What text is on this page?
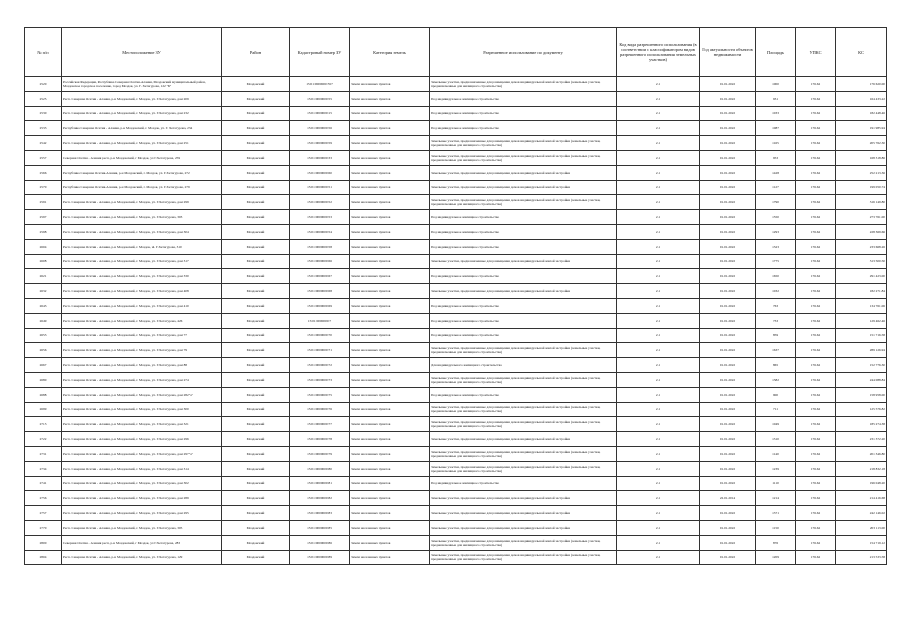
№ п/п	Местоположение ЗУ	Район	Кадастровый номер ЗУ	Категория земель	Разрешенное использование по документу	Код вида разрешенного использования (в соответствии с классификатором видов разрешенного использования земельных участков)	Год актуальности объектов недвижимости	Площадь	УПКС	КС
2520	Российская Федерация, Республика Северная Осетия-Алания, Моздокский муниципальный район, Моздокское городское поселение, город Моздок, ул. Г. Хетагурова, 122 "Б"	Моздокский	15:01:0000000:557	Земли населенных пунктов	Земельные участки, предназначенные для размещения домов индивидуальной жилой застройки (земельные участки, предназначенные для жилищного строительства)	2.1	01.01.2022	1000	176.62	176 620.00
2525	Респ. Северная Осетия - Алания, р-н Моздокский, г. Моздок, ул. Г.Хетагурова, дом 209	Моздокский	15:01:0000000:55	Земли населенных пунктов	Под индивидуальное жилищное строительство	2.1	01.01.2022	931	176.62	164 433.22
2530	Респ. Северная Осетия - Алания, р-н Моздокский, г. Моздок, ул. Г.Хетагурова, дом 232	Моздокский	15:01:0000000:15	Земли населенных пунктов	Под индивидуальное жилищное строительство	2.1	01.01.2022	1033	176.62	182 448.46
2533	Республика Северная Осетия - Алания, р-н Моздокский, г. Моздок, ул. Г. Хетагурова, 234	Моздокский	15:01:0000000:56	Земли населенных пунктов	Под индивидуальное жилищное строительство	2.1	01.01.2022	1087	176.62	191 985.94
2542	Респ. Северная Осетия - Алания, р-н Моздокский, г. Моздок, ул. Г.Хетагурова, дом 251	Моздокский	15:01:0000000:59	Земли населенных пунктов	Земельные участки, предназначенные для размещения домов индивидуальной жилой застройки (земельные участки, предназначенные для жилищного строительства)	2.1	01.01.2022	1165	176.62	205 762.30
2557	Северная Осетия - Алания респ, р-н Моздокский, г Моздок, ул Г.Хетагурова, 259	Моздокский	15:01:0000000:33	Земли населенных пунктов	Земельные участки, предназначенные для размещения домов индивидуальной жилой застройки (земельные участки, предназначенные для жилищного строительства)	2.1	01.01.2022	953	176.62	168 318.86
2566	Республика Северная Осетия-Алания, р-н Моздокский, г. Моздок, ул. Г.Хетагурова, 272	Моздокский	15:01:0000000:60	Земли населенных пунктов	Земельные участки, предназначенные для размещения домов индивидуальной жилой застройки	2.1	01.01.2022	1428	176.62	252 213.36
2570	Республика Северная Осетия-Алания, р-н Моздокский, г. Моздок, ул. Г.Хетагурова, 279	Моздокский	15:01:0000000:51	Земли населенных пунктов	Земельные участки, предназначенные для размещения домов индивидуальной жилой застройки	2.1	01.01.2022	1127	176.62	199 050.74
2591	Респ. Северная Осетия - Алания, р-н Моздокский, г. Моздок, ул. Г.Хетагурова, дом 299	Моздокский	15:01:0000000:52	Земли населенных пунктов	Земельные участки, предназначенные для размещения домов индивидуальной жилой застройки (земельные участки, предназначенные для жилищного строительства)	2.1	01.01.2022	1790	176.62	316 149.80
2597	Респ. Северная Осетия - Алания, р-н Моздокский, г. Моздок, ул. Г.Хетагурова, 303	Моздокский	15:01:0000000:53	Земли населенных пунктов	Под индивидуальное жилищное строительство	2.1	01.01.2022	1550	176.62	273 761.00
2598	Респ. Северная Осетия - Алания, р-н Моздокский, г. Моздок, ул. Г.Хетагурова, дом 304	Моздокский	15:01:0000000:54	Земли населенных пунктов	Под индивидуальное жилищное строительство	2.1	01.01.2022	1293	176.62	228 369.66
2604	Респ. Северная Осетия - Алания, р-н Моздокский, г. Моздок, ul. Г.Хетагурова, 310	Моздокский	15:01:0000000:58	Земли населенных пунктов	Под индивидуальное жилищное строительство	2.1	01.01.2022	1323	176.62	233 668.26
2608	Респ. Северная Осетия - Алания, р-н Моздокский, г. Моздок, ул. Г.Хетагурова, дом 317	Моздокский	15:01:0000000:66	Земли населенных пунктов	Земельные участки, предназначенные для размещения домов индивидуальной жилой застройки	2.1	01.01.2022	1775	176.62	313 500.50
2621	Респ. Северная Осетия - Алания, р-н Моздокский, г. Моздок, ул. Г.Хетагурова, дом 330	Моздокский	15:01:0000000:67	Земли населенных пунктов	Под индивидуальное жилищное строительство	2.1	01.01.2022	1650	176.62	291 423.00
2632	Респ. Северная Осетия - Алания, р-н Моздокский, г. Моздок, ул. Г.Хетагурова, дом 408	Моздокский	15:01:0000000:68	Земли населенных пунктов	Земельные участки, предназначенные для размещения домов индивидуальной жилой застройки	2.1	01.01.2022	1032	176.62	182 271.84
2643	Респ. Северная Осетия - Алания, р-н Моздокский, г. Моздок, ул. Г.Хетагурова, дом 410	Моздокский	15:01:0000000:69	Земли населенных пунктов	Под индивидуальное жилищное строительство	2.1	01.01.2022	763	176.62	134 761.06
2649	Респ. Северная Осетия - Алания, р-н Моздокский, г. Моздок, ул. Г.Хетагурова, 426	Моздокский	15:01:0000000:7	Земли населенных пунктов	Под индивидуальное жилищное строительство	2.1	01.01.2022	733	176.62	129 462.46
2653	Респ. Северная Осетия - Алания, р-н Моздокский, г. Моздок, ул. Г.Хетагурова, дом 77	Моздокский	15:01:0000000:70	Земли населенных пунктов	Под индивидуальное жилищное строительство	2.1	01.01.2022	859	176.62	151 716.58
2656	Респ. Северная Осетия - Алания, р-н Моздокский, г. Моздок, ул. Г.Хетагурова, дом 79	Моздокский	15:01:0000000:71	Земли населенных пунктов	Земельные участки, предназначенные для размещения домов индивидуальной жилой застройки (земельные участки, предназначенные для жилищного строительства)	2.1	01.01.2022	1637	176.62	289 126.94
2667	Респ. Северная Осетия - Алания, р-н Моздокский, г. Моздок, ул. Г.Хетагурова, дом 88	Моздокский	15:01:0000000:72	Земли населенных пунктов	Для индивидуального жилищного строительства	2.1	01.01.2022	865	176.62	152 776.30
2680	Респ. Северная Осетия - Алания, р-н Моздокский, г. Моздок, ул. Г.Хетагурова, дом 274	Моздокский	15:01:0000000:73	Земли населенных пунктов	Земельные участки, предназначенные для размещения домов индивидуальной жилой застройки (земельные участки, предназначенные для жилищного строительства)	2.1	01.01.2022	1382	176.62	244 088.84
2688	Респ. Северная Осетия - Алания, р-н Моздокский, г. Моздок, ул. Г.Хетагурова, дом 282"а"	Моздокский	15:01:0000000:75	Земли населенных пунктов	Под индивидуальное жилищное строительство	2.1	01.01.2022	900	176.62	158 958.00
2699	Респ. Северная Осетия - Алания, р-н Моздокский, г. Моздок, ул. Г.Хетагурова, дом 300	Моздокский	15:01:0000000:76	Земли населенных пунктов	Земельные участки, предназначенные для размещения домов индивидуальной жилой застройки (земельные участки, предназначенные для жилищного строительства)	2.1	01.01.2022	711	176.62	125 576.82
2713	Респ. Северная Осетия - Алания, р-н Моздокский, г. Моздок, ул. Г.Хетагурова, дом 321	Моздокский	15:01:0000000:77	Земли населенных пунктов	Земельные участки, предназначенные для размещения домов индивидуальной жилой застройки (земельные участки, предназначенные для жилищного строительства)	2.1	01.01.2022	1049	176.62	185 274.38
2722	Респ. Северная Осетия - Алания, р-н Моздокский, г. Моздок, ул. Г.Хетагурова, дом 296	Моздокский	15:01:0000000:78	Земли населенных пунктов	Земельные участки, предназначенные для размещения домов индивидуальной жилой застройки	2.1	01.01.2022	1310	176.62	231 372.20
2731	Респ. Северная Осетия - Алания, р-н Моздокский, г. Моздок, ул. Г.Хетагурова, дом 297"а"	Моздокский	15:01:0000000:79	Земли населенных пунктов	Земельные участки, предназначенные для размещения домов индивидуальной жилой застройки (земельные участки, предназначенные для жилищного строительства)	2.1	01.01.2022	1140	176.62	201 346.80
2734	Респ. Северная Осетия - Алания, р-н Моздокский, г. Моздок, ул. Г.Хетагурова, дом 314	Моздокский	15:01:0000000:80	Земли населенных пунктов	Земельные участки, предназначенные для размещения домов индивидуальной жилой застройки (земельные участки, предназначенные для жилищного строительства)	2.1	01.01.2022	1239	176.62	218 832.18
2741	Респ. Северная Осетия - Алания, р-н Моздокский, г. Моздок, ул. Г.Хетагурова, дом 302	Моздокский	15:01:0000000:81	Земли населенных пунктов	Под индивидуальное жилищное строительство	2.1	01.01.2022	1110	176.62	196 048.20
2756	Респ. Северная Осетия - Алания, р-н Моздокский, г. Моздок, ул. Г.Хетагурова, дом 289	Моздокский	15:01:0000000:82	Земли населенных пунктов	Земельные участки, предназначенные для размещения домов индивидуальной жилой застройки	2.1	22.01.2014	1214	176.62	214 416.68
2757	Респ. Северная Осетия - Алания, р-н Моздокский, г. Моздок, ул. Г.Хетагурова, дом 295	Моздокский	15:01:0000000:83	Земли населенных пунктов	Земельные участки, предназначенные для размещения домов индивидуальной жилой застройки	2.1	01.01.2022	1371	176.62	242 146.02
2770	Респ. Северная Осетия - Алания, р-н Моздокский, г. Моздок, ул. Г.Хетагурова, 305	Моздокский	15:01:0000000:85	Земли населенных пунктов	Земельные участки, предназначенные для размещения домов индивидуальной жилой застройки	2.1	01.01.2022	1150	176.62	203 113.00
2800	Северная Осетия - Алания респ, р-н Моздокский, г Моздок, ул Г.Хетагурова, 283	Моздокский	15:01:0000000:86	Земли населенных пунктов	Земельные участки, предназначенные для размещения домов индивидуальной жилой застройки (земельные участки, предназначенные для жилищного строительства)	2.1	01.01.2022	876	176.62	154 719.12
2804	Респ. Северная Осетия - Алания, р-н Моздокский, г. Моздок, ул. Г.Хетагурова, 129	Моздокский	15:01:0000000:89	Земли населенных пунктов	Земельные участки, предназначенные для размещения домов индивидуальной жилой застройки (земельные участки, предназначенные для жилищного строительства)	2.1	01.01.2022	1209	176.62	213 533.58
